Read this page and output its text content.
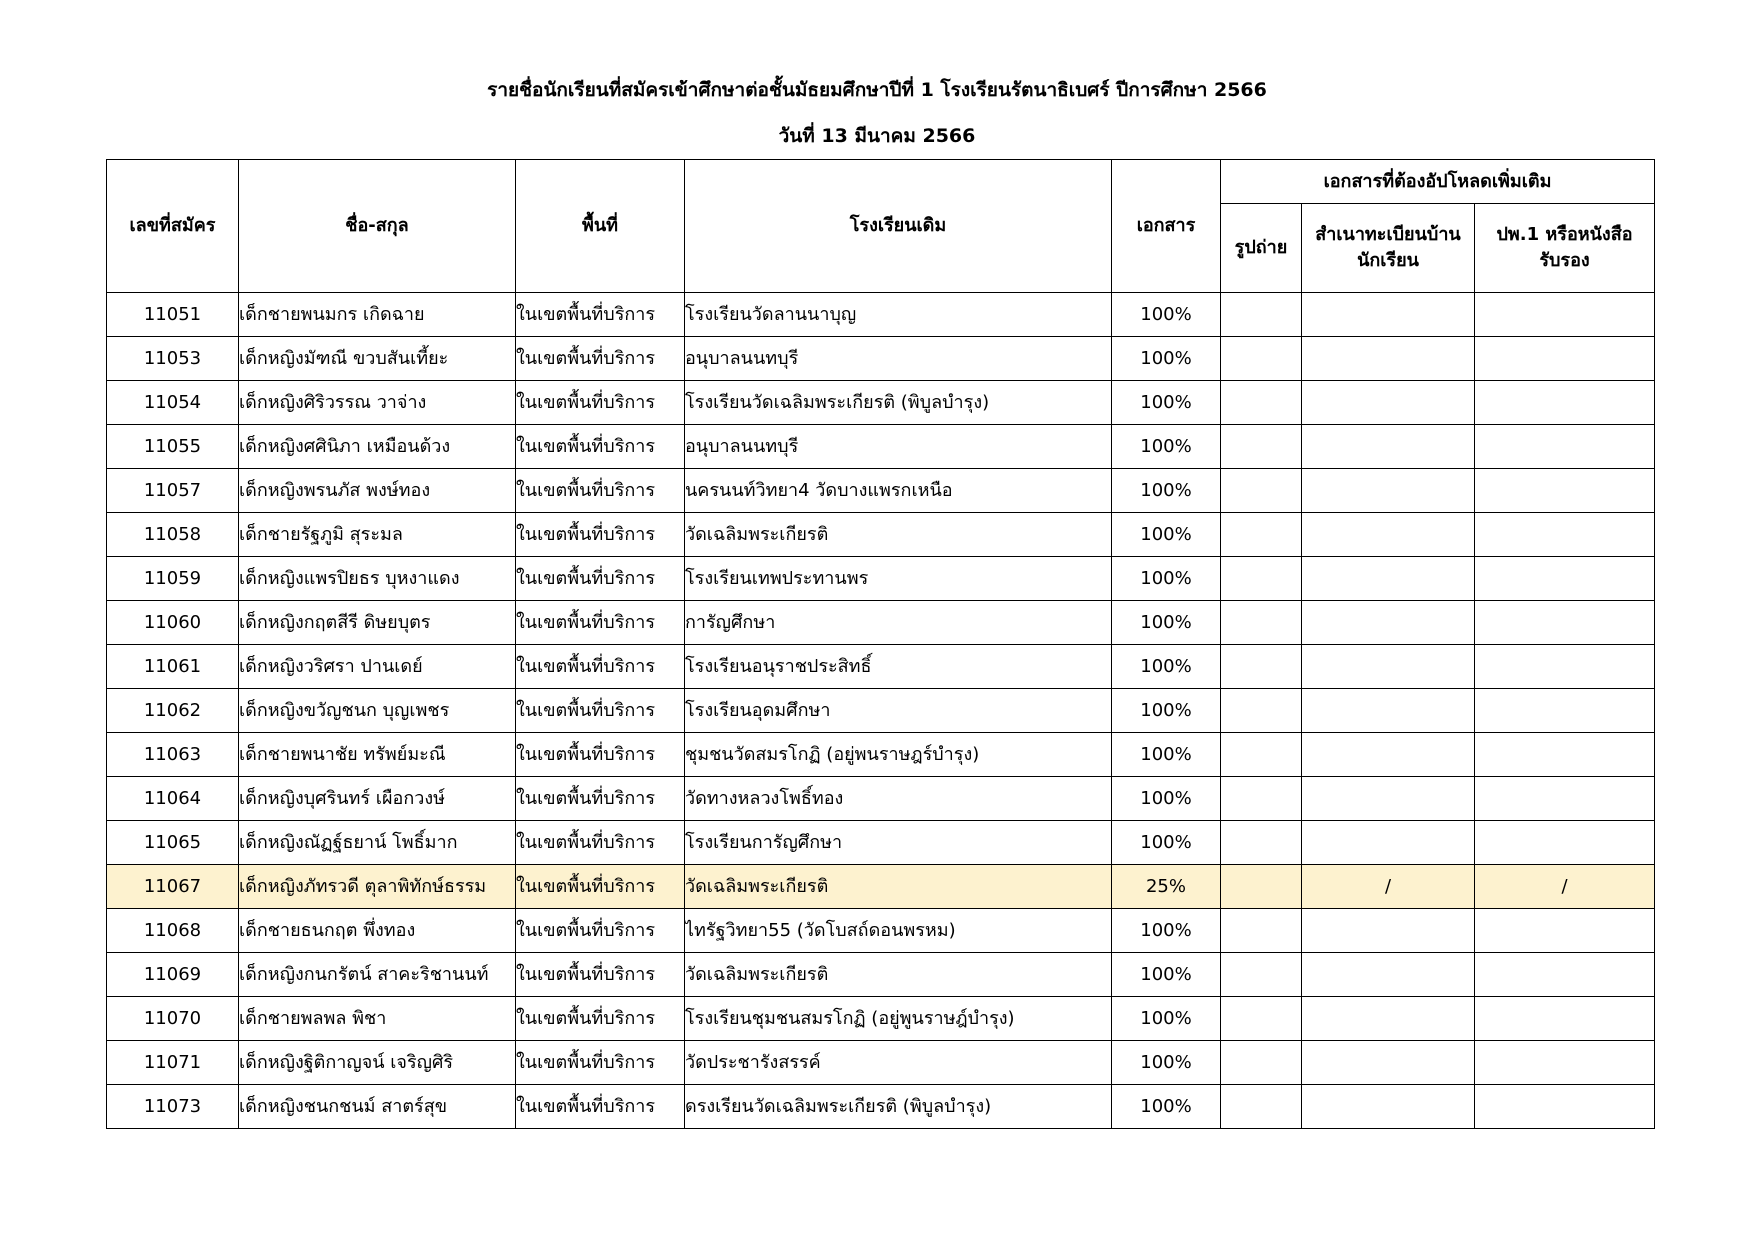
รายชื่อนักเรียนที่สมัครเข้าศึกษาต่อชั้นมัธยมศึกษาปีที่ 1 โรงเรียนรัตนาธิเบศร์ ปีการศึกษา 2566
วันที่ 13 มีนาคม 2566
เลขที่สมัคร	ชื่อ-สกุล	พื้นที่	โรงเรียนเดิม	เอกสาร	เอกสารที่ต้องอัปโหลดเพิ่มเติม		
					รูปถ่าย	สำเนาทะเบียนบ้านนักเรียน	ปพ.1 หรือหนังสือรับรอง
11051	เด็กชายพนมกร เกิดฉาย	ในเขตพื้นที่บริการ	โรงเรียนวัดลานนาบุญ	100%			
11053	เด็กหญิงมัฑณี ขวบสันเที้ยะ	ในเขตพื้นที่บริการ	อนุบาลนนทบุรี	100%			
11054	เด็กหญิงศิริวรรณ วาจ่าง	ในเขตพื้นที่บริการ	โรงเรียนวัดเฉลิมพระเกียรติ (พิบูลบำรุง)	100%			
11055	เด็กหญิงศศินิภา เหมือนด้วง	ในเขตพื้นที่บริการ	อนุบาลนนทบุรี	100%			
11057	เด็กหญิงพรนภัส พงษ์ทอง	ในเขตพื้นที่บริการ	นครนนท์วิทยา4 วัดบางแพรกเหนือ	100%			
11058	เด็กชายรัฐภูมิ สุระมล	ในเขตพื้นที่บริการ	วัดเฉลิมพระเกียรติ	100%			
11059	เด็กหญิงแพรปิยธร บุหงาแดง	ในเขตพื้นที่บริการ	โรงเรียนเทพประทานพร	100%			
11060	เด็กหญิงกฤตสีรี ดิษยบุตร	ในเขตพื้นที่บริการ	การัญศึกษา	100%			
11061	เด็กหญิงวริศรา ปานเดย์	ในเขตพื้นที่บริการ	โรงเรียนอนุราชประสิทธิ์	100%			
11062	เด็กหญิงขวัญชนก บุญเพชร	ในเขตพื้นที่บริการ	โรงเรียนอุดมศึกษา	100%			
11063	เด็กชายพนาชัย ทรัพย์มะณี	ในเขตพื้นที่บริการ	ชุมชนวัดสมรโกฏิ (อยู่พนราษฎร์บำรุง)	100%			
11064	เด็กหญิงบุศรินทร์ เผือกวงษ์	ในเขตพื้นที่บริการ	วัดทางหลวงโพธิ์ทอง	100%			
11065	เด็กหญิงณัฏฐ์ธยาน์ โพธิ์มาก	ในเขตพื้นที่บริการ	โรงเรียนการัญศึกษา	100%			
11067	เด็กหญิงภัทรวดี ตุลาพิทักษ์ธรรม	ในเขตพื้นที่บริการ	วัดเฉลิมพระเกียรติ	25%		/	/
11068	เด็กชายธนกฤต พึ่งทอง	ในเขตพื้นที่บริการ	ไทรัฐวิทยา55 (วัดโบสถ์ดอนพรหม)	100%			
11069	เด็กหญิงกนกรัตน์ สาคะริชานนท์	ในเขตพื้นที่บริการ	วัดเฉลิมพระเกียรติ	100%			
11070	เด็กชายพลพล พิชา	ในเขตพื้นที่บริการ	โรงเรียนชุมชนสมรโกฏิ (อยู่พูนราษฎ์บำรุง)	100%			
11071	เด็กหญิงฐิติกาญจน์ เจริญศิริ	ในเขตพื้นที่บริการ	วัดประชารังสรรค์	100%			
11073	เด็กหญิงชนกชนม์ สาตร์สุข	ในเขตพื้นที่บริการ	ดรงเรียนวัดเฉลิมพระเกียรติ (พิบูลบำรุง)	100%			
